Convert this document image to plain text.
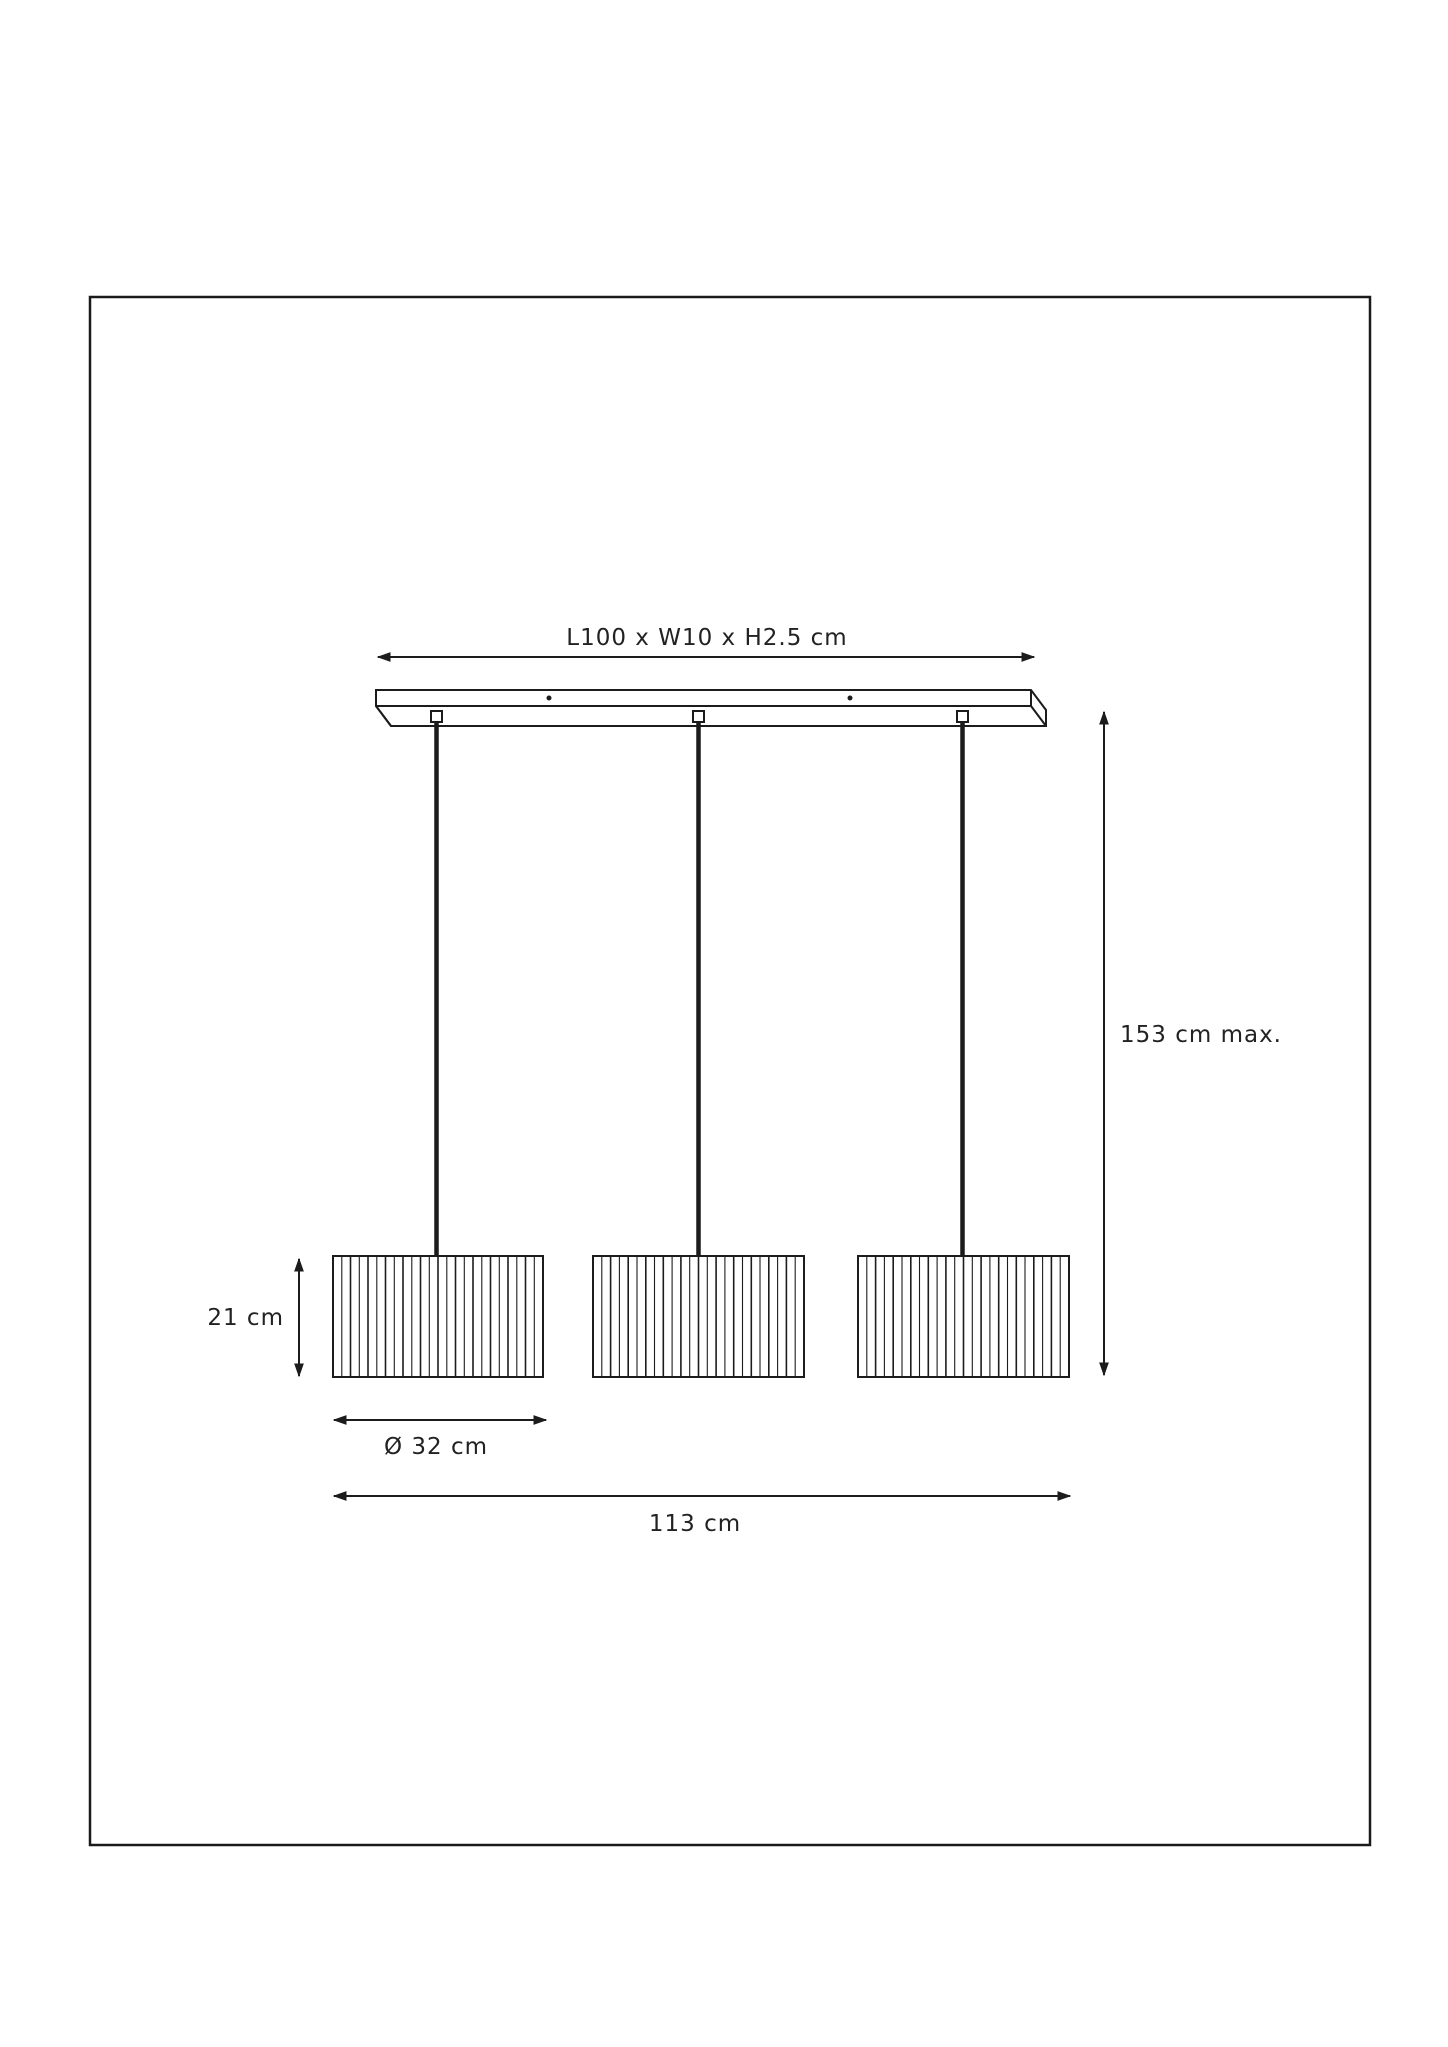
L100 x W10 x H2.5 cm
153 cm max.
21 cm
Ø 32 cm
113 cm
